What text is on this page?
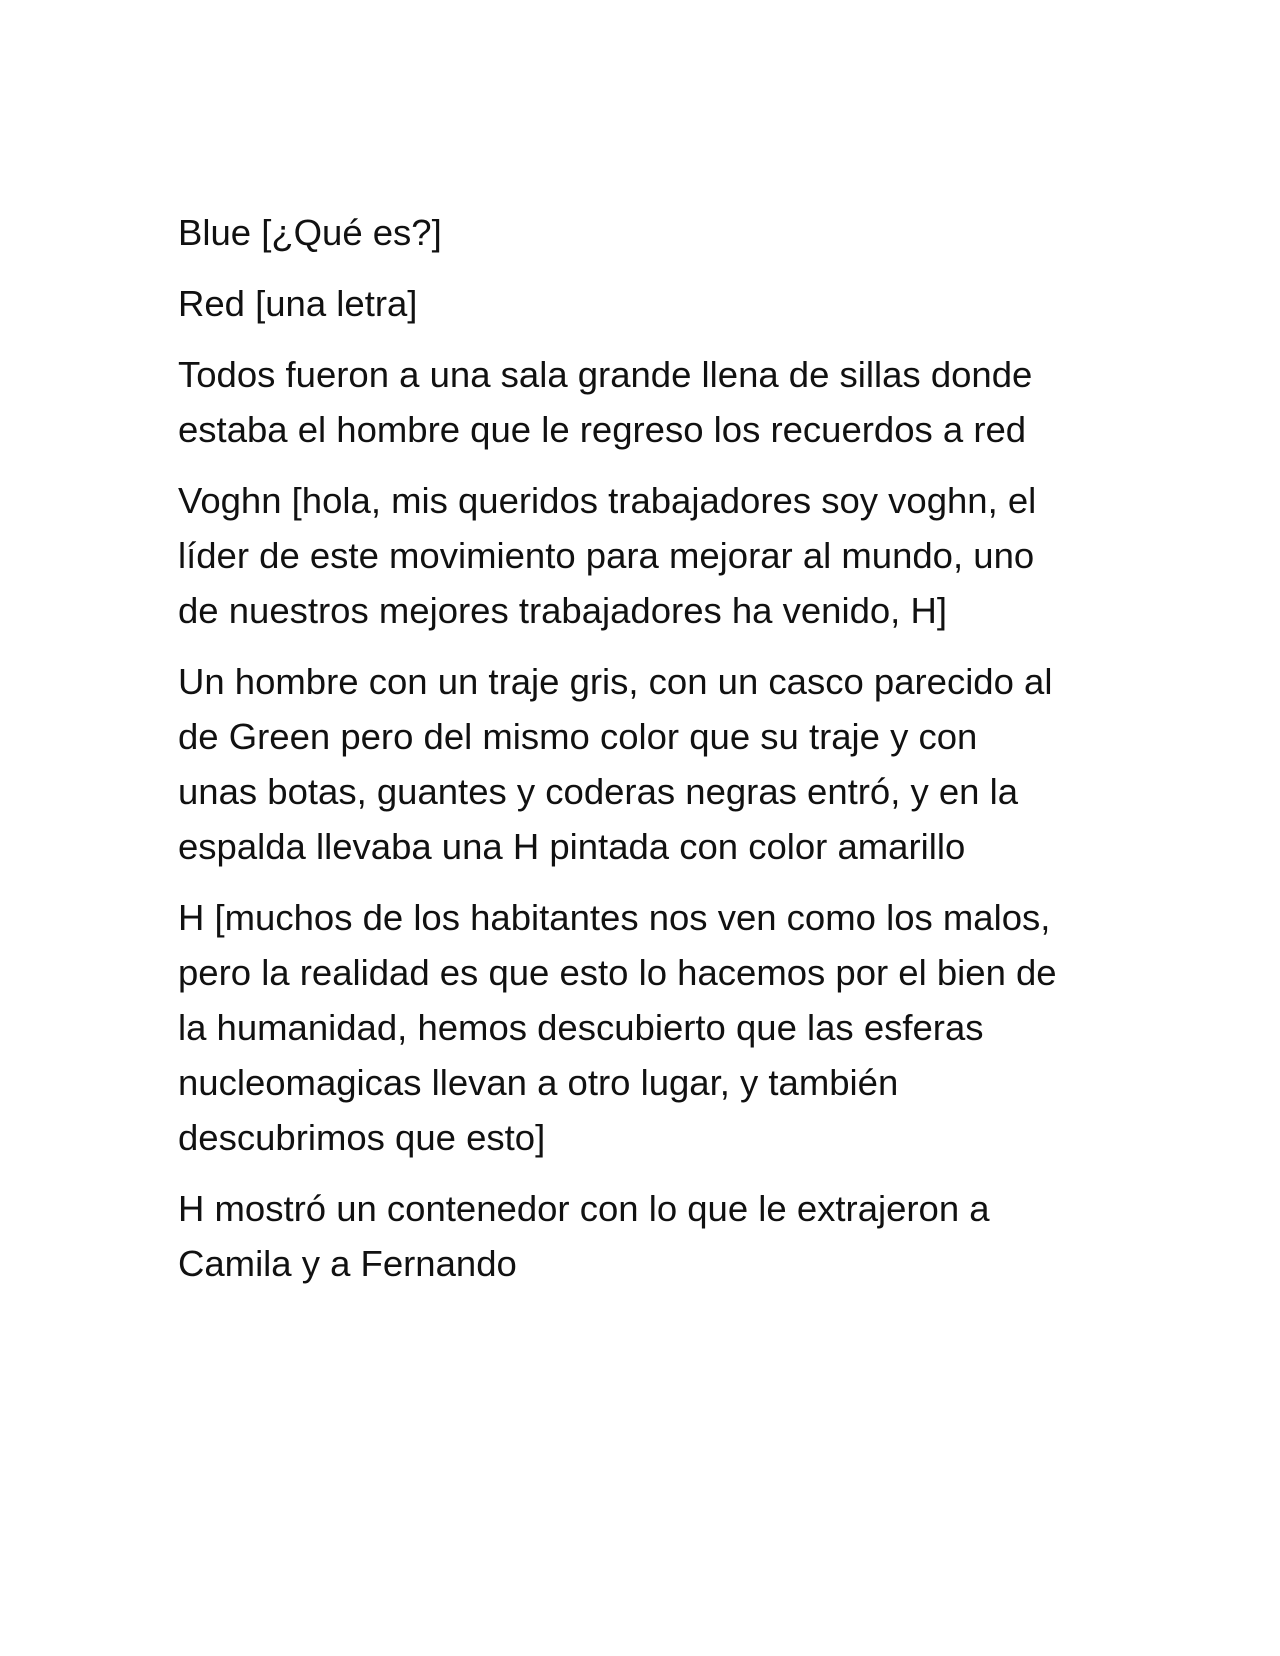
Blue [¿Qué es?]

Red [una letra]

Todos fueron a una sala grande llena de sillas donde
estaba el hombre que le regreso los recuerdos a red

Voghn [hola, mis queridos trabajadores soy voghn, el
líder de este movimiento para mejorar al mundo, uno
de nuestros mejores trabajadores ha venido, H]

Un hombre con un traje gris, con un casco parecido al
de Green pero del mismo color que su traje y con
unas botas, guantes y coderas negras entró, y en la
espalda llevaba una H pintada con color amarillo

H [muchos de los habitantes nos ven como los malos,
pero la realidad es que esto lo hacemos por el bien de
la humanidad, hemos descubierto que las esferas
nucleomagicas llevan a otro lugar, y también
descubrimos que esto]

H mostró un contenedor con lo que le extrajeron a
Camila y a Fernando
